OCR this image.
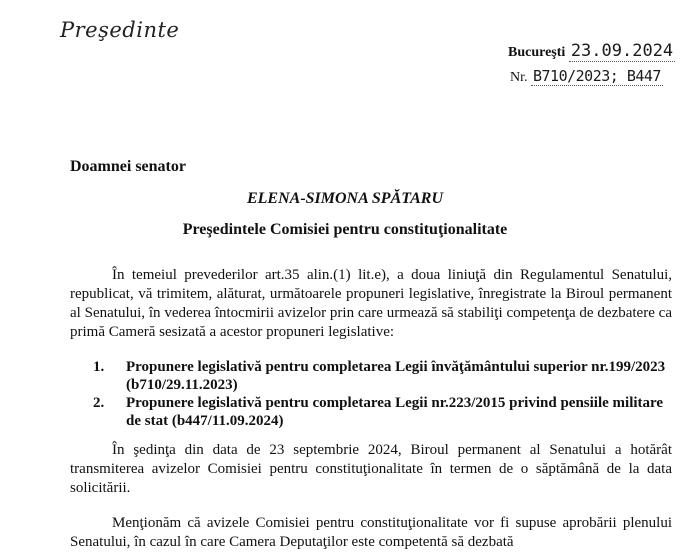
Preşedinte
Bucureşti 23.09.2024
Nr. B710/2023; B447
Doamnei senator
ELENA-SIMONA SPĂTARU
Preşedintele Comisiei pentru constituţionalitate
În temeiul prevederilor art.35 alin.(1) lit.e), a doua liniuţă din Regulamentul Senatului, republicat, vă trimitem, alăturat, următoarele propuneri legislative, înregistrate la Biroul permanent al Senatului, în vederea întocmirii avizelor prin care urmează să stabiliţi competenţa de dezbatere ca primă Cameră sesizată a acestor propuneri legislative:
1.	Propunere legislativă pentru completarea Legii învăţământului superior nr.199/2023 (b710/29.11.2023)
2.	Propunere legislativă pentru completarea Legii nr.223/2015 privind pensiile militare de stat (b447/11.09.2024)
În şedinţa din data de 23 septembrie 2024, Biroul permanent al Senatului a hotărât transmiterea avizelor Comisiei pentru constituţionalitate în termen de o săptămână de la data solicitării.
Menţionăm că avizele Comisiei pentru constituţionalitate vor fi supuse aprobării plenului Senatului, în cazul în care Camera Deputaţilor este competentă să dezbată
